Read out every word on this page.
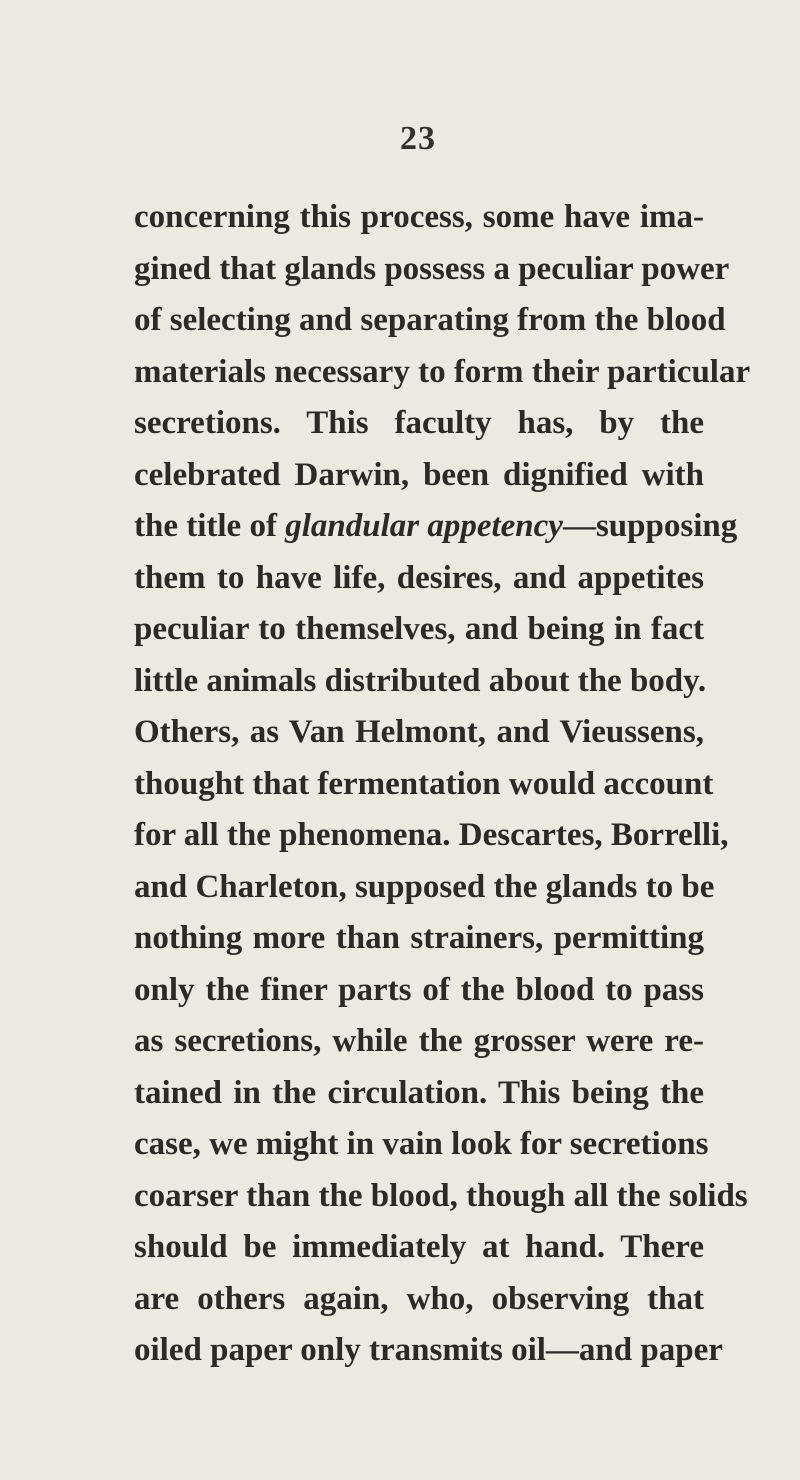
23
concerning this process, some have ima-
gined that glands possess a peculiar power
of selecting and separating from the blood
materials necessary to form their particular
secretions. This faculty has, by the
celebrated Darwin, been dignified with
the title of glandular appetency—supposing
them to have life, desires, and appetites
peculiar to themselves, and being in fact
little animals distributed about the body.
Others, as Van Helmont, and Vieussens,
thought that fermentation would account
for all the phenomena. Descartes, Borrelli,
and Charleton, supposed the glands to be
nothing more than strainers, permitting
only the finer parts of the blood to pass
as secretions, while the grosser were re-
tained in the circulation. This being the
case, we might in vain look for secretions
coarser than the blood, though all the solids
should be immediately at hand. There
are others again, who, observing that
oiled paper only transmits oil—and paper
